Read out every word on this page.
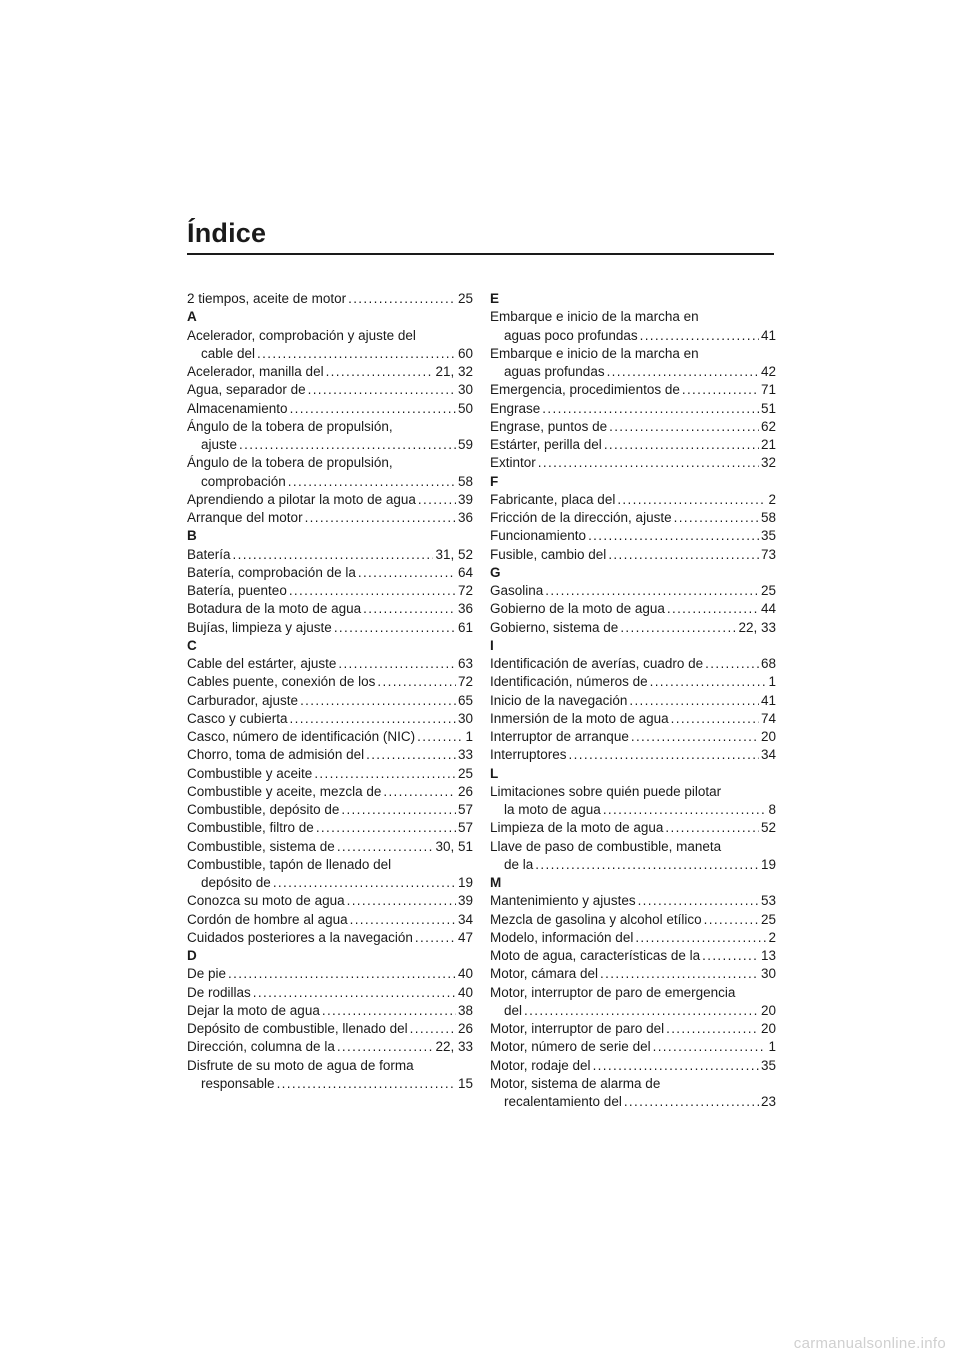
Índice
2 tiempos, aceite de motor . . .	25
A
Acelerador, comprobación y ajuste del
cable del . . .	60
Acelerador, manilla del . . .	21, 32
Agua, separador de . . .	30
Almacenamiento . . .	50
Ángulo de la tobera de propulsión,
ajuste . . .	59
Ángulo de la tobera de propulsión,
comprobación . . .	58
Aprendiendo a pilotar la moto de agua . . .	39
Arranque del motor . . .	36
B
Batería . . .	31, 52
Batería, comprobación de la . . .	64
Batería, puenteo . . .	72
Botadura de la moto de agua . . .	36
Bujías, limpieza y ajuste . . .	61
C
Cable del estárter, ajuste . . .	63
Cables puente, conexión de los . . .	72
Carburador, ajuste . . .	65
Casco y cubierta . . .	30
Casco, número de identificación (NIC) . . .	1
Chorro, toma de admisión del . . .	33
Combustible y aceite . . .	25
Combustible y aceite, mezcla de . . .	26
Combustible, depósito de . . .	57
Combustible, filtro de . . .	57
Combustible, sistema de . . .	30, 51
Combustible, tapón de llenado del
depósito de . . .	19
Conozca su moto de agua . . .	39
Cordón de hombre al agua . . .	34
Cuidados posteriores a la navegación . . .	47
D
De pie . . .	40
De rodillas . . .	40
Dejar la moto de agua . . .	38
Depósito de combustible, llenado del . . .	26
Dirección, columna de la . . .	22, 33
Disfrute de su moto de agua de forma
responsable . . .	15
E
Embarque e inicio de la marcha en
aguas poco profundas . . .	41
Embarque e inicio de la marcha en
aguas profundas . . .	42
Emergencia, procedimientos de . . .	71
Engrase . . .	51
Engrase, puntos de . . .	62
Estárter, perilla del . . .	21
Extintor . . .	32
F
Fabricante, placa del . . .	2
Fricción de la dirección, ajuste . . .	58
Funcionamiento . . .	35
Fusible, cambio del . . .	73
G
Gasolina . . .	25
Gobierno de la moto de agua . . .	44
Gobierno, sistema de . . .	22, 33
I
Identificación de averías, cuadro de . . .	68
Identificación, números de . . .	1
Inicio de la navegación . . .	41
Inmersión de la moto de agua . . .	74
Interruptor de arranque . . .	20
Interruptores . . .	34
L
Limitaciones sobre quién puede pilotar
la moto de agua . . .	8
Limpieza de la moto de agua . . .	52
Llave de paso de combustible, maneta
de la . . .	19
M
Mantenimiento y ajustes . . .	53
Mezcla de gasolina y alcohol etílico . . .	25
Modelo, información del . . .	2
Moto de agua, características de la . . .	13
Motor, cámara del . . .	30
Motor, interruptor de paro de emergencia
del . . .	20
Motor, interruptor de paro del . . .	20
Motor, número de serie del . . .	1
Motor, rodaje del . . .	35
Motor, sistema de alarma de
recalentamiento del . . .	23
carmanualsonline.info
